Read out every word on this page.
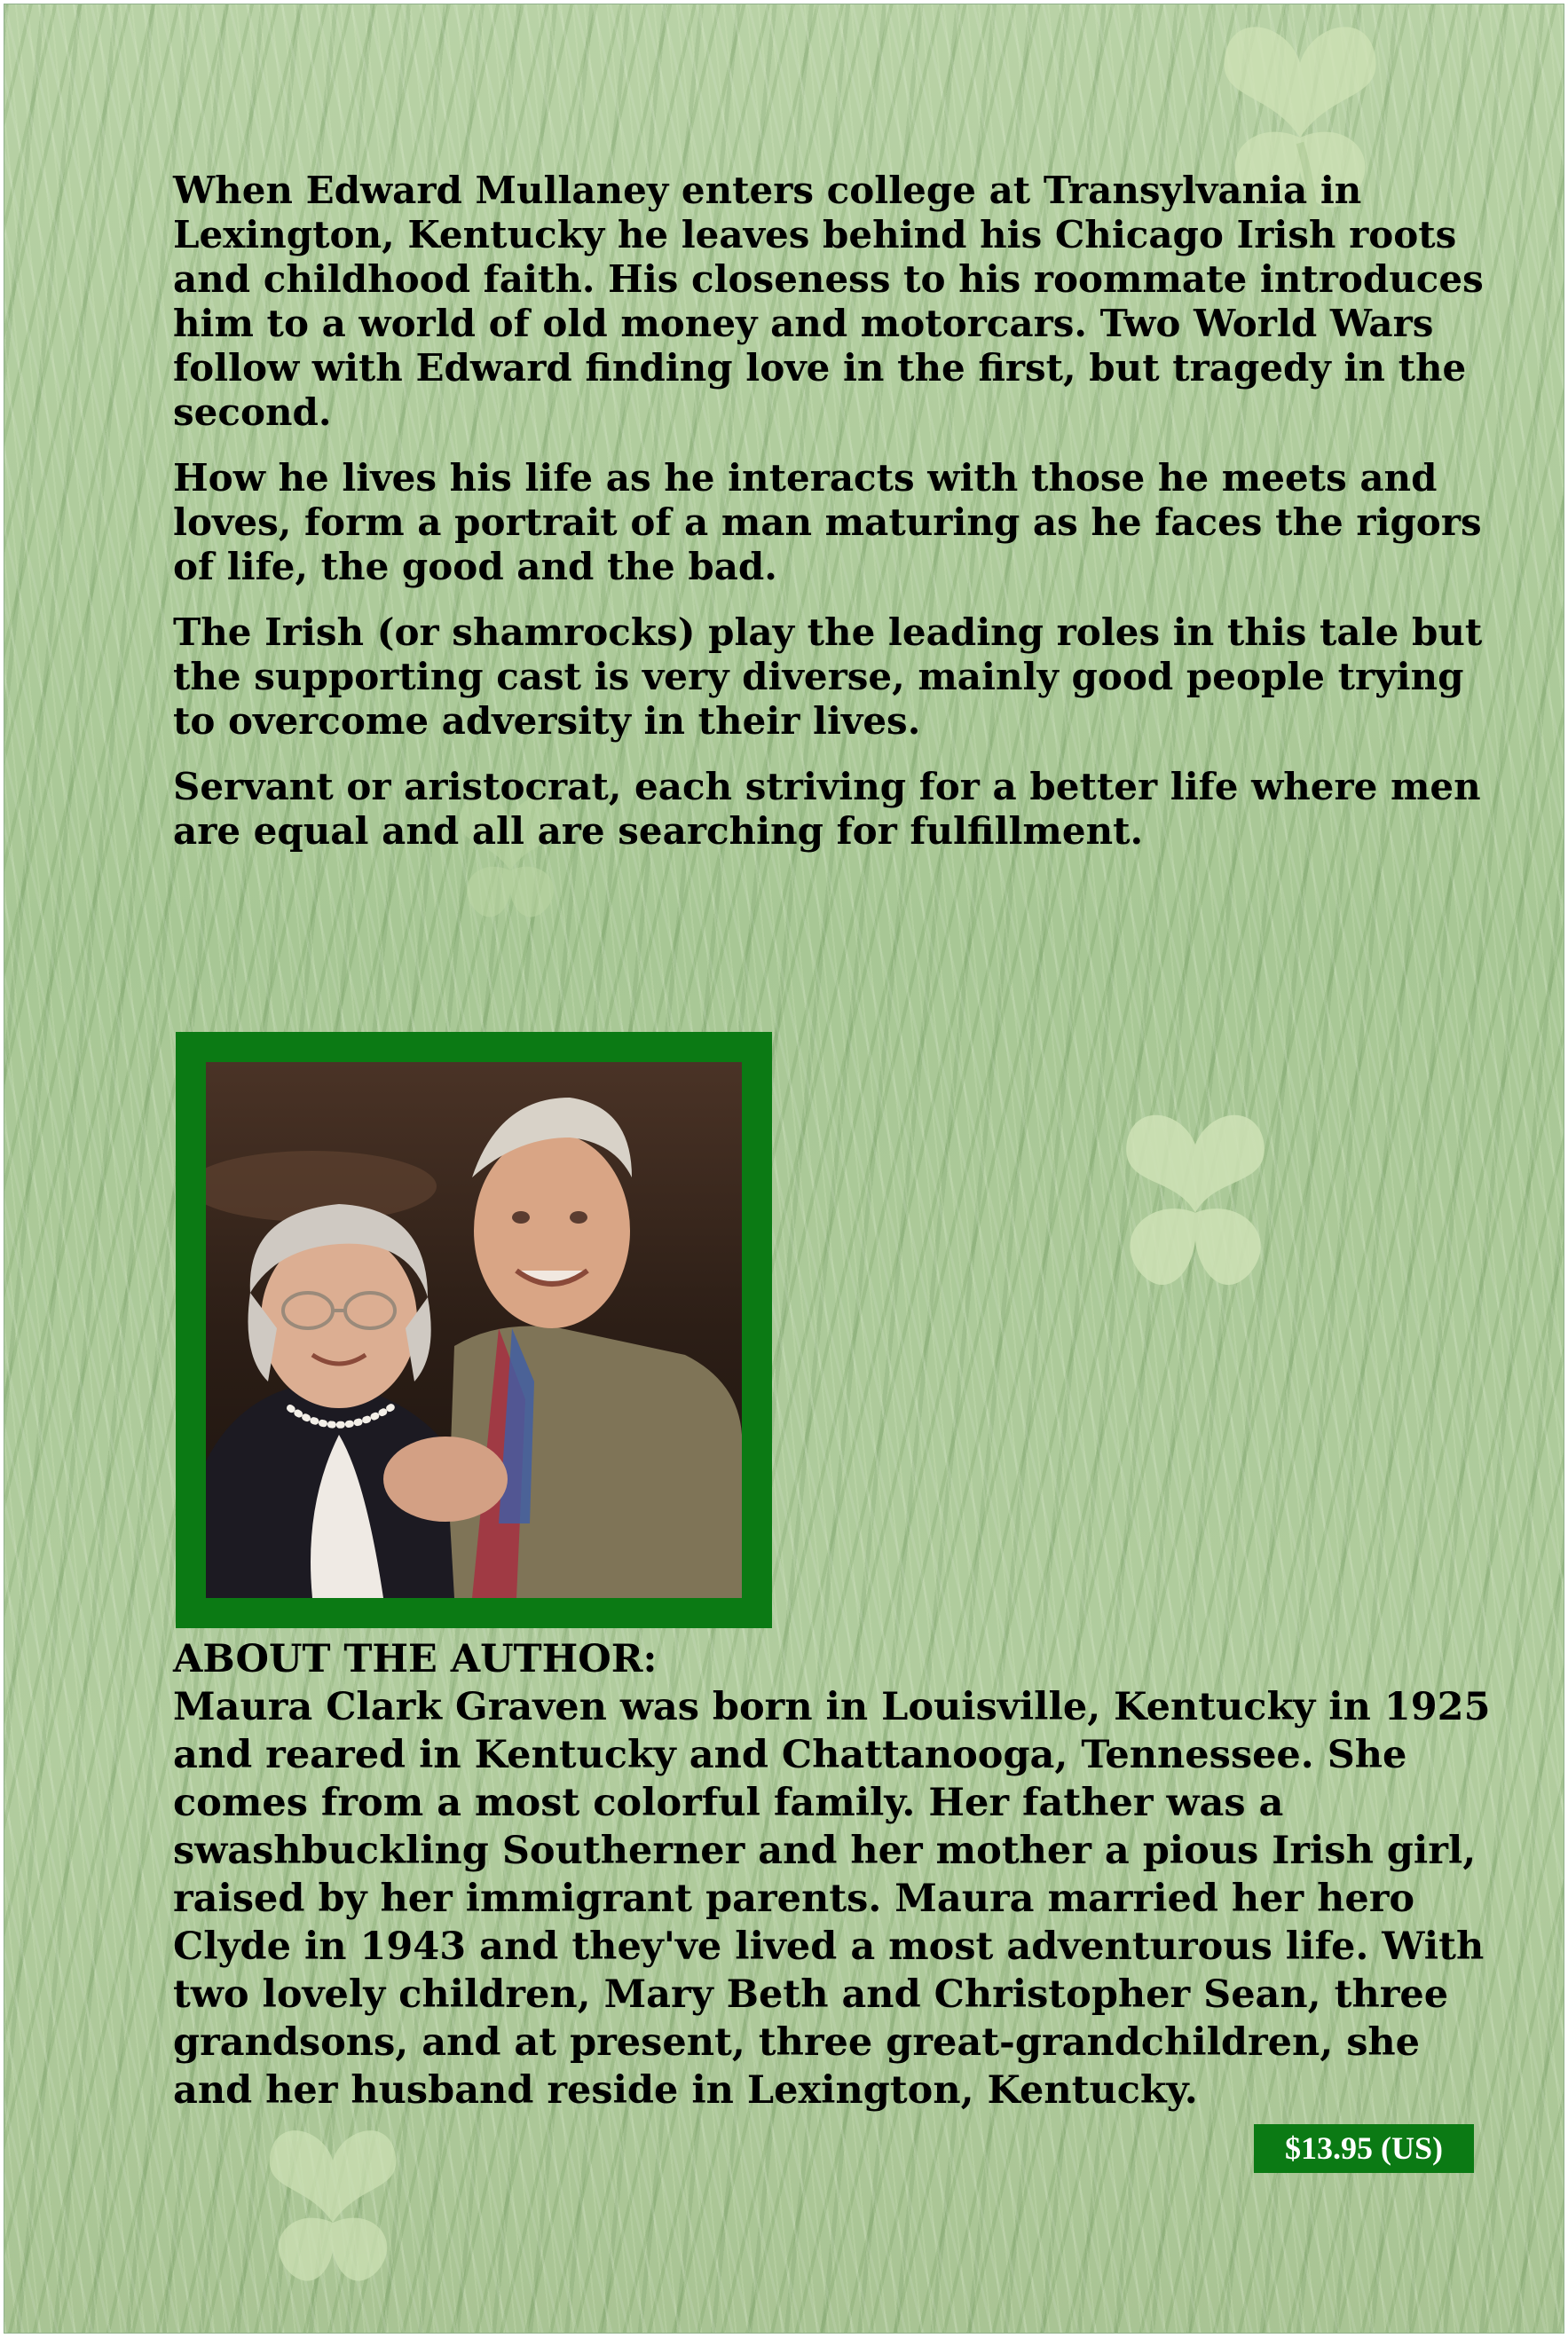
When Edward Mullaney enters college at Transylvania in Lexington, Kentucky he leaves behind his Chicago Irish roots and childhood faith. His closeness to his roommate introduces him to a world of old money and motorcars. Two World Wars follow with Edward finding love in the first, but tragedy in the second.

How he lives his life as he interacts with those he meets and loves, form a portrait of a man maturing as he faces the rigors of life, the good and the bad.

The Irish (or shamrocks) play the leading roles in this tale but the supporting cast is very diverse, mainly good people trying to overcome adversity in their lives.

Servant or aristocrat, each striving for a better life where men are equal and all are searching for fulfillment.

ABOUT THE AUTHOR:
Maura Clark Graven was born in Louisville, Kentucky in 1925 and reared in Kentucky and Chattanooga, Tennessee. She comes from a most colorful family. Her father was a swashbuckling Southerner and her mother a pious Irish girl, raised by her immigrant parents. Maura married her hero Clyde in 1943 and they've lived a most adventurous life. With two lovely children, Mary Beth and Christopher Sean, three grandsons, and at present, three great-grandchildren, she and her husband reside in Lexington, Kentucky.
$13.95 (US)
